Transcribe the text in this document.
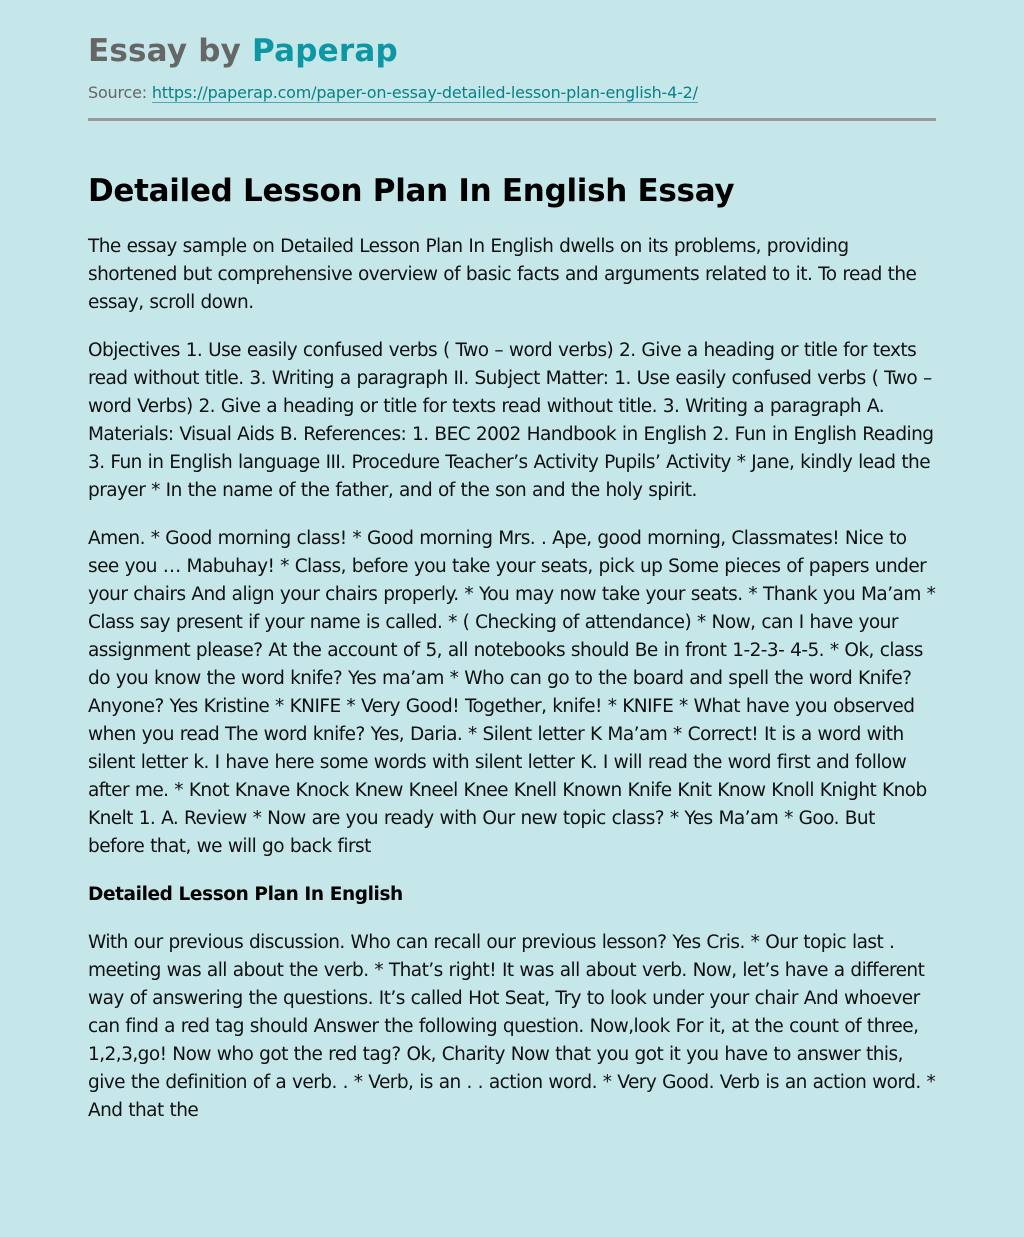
Essay by Paperap
Source: https://paperap.com/paper-on-essay-detailed-lesson-plan-english-4-2/
Detailed Lesson Plan In English Essay

The essay sample on Detailed Lesson Plan In English dwells on its problems, providing shortened but comprehensive overview of basic facts and arguments related to it. To read the essay, scroll down.

Objectives 1. Use easily confused verbs ( Two – word verbs) 2. Give a heading or title for texts read without title. 3. Writing a paragraph II. Subject Matter: 1. Use easily confused verbs ( Two – word Verbs) 2. Give a heading or title for texts read without title. 3. Writing a paragraph A. Materials: Visual Aids B. References: 1. BEC 2002 Handbook in English 2. Fun in English Reading 3. Fun in English language III. Procedure Teacher’s Activity Pupils’ Activity * Jane, kindly lead the prayer * In the name of the father, and of the son and the holy spirit.

Amen. * Good morning class! * Good morning Mrs. . Ape, good morning, Classmates! Nice to see you … Mabuhay! * Class, before you take your seats, pick up Some pieces of papers under your chairs And align your chairs properly. * You may now take your seats. * Thank you Ma’am * Class say present if your name is called. * ( Checking of attendance) * Now, can I have your assignment please? At the account of 5, all notebooks should Be in front 1-2-3- 4-5. * Ok, class do you know the word knife? Yes ma’am * Who can go to the board and spell the word Knife? Anyone? Yes Kristine * KNIFE * Very Good! Together, knife! * KNIFE * What have you observed when you read The word knife? Yes, Daria. * Silent letter K Ma’am * Correct! It is a word with silent letter k. I have here some words with silent letter K. I will read the word first and follow after me. * Knot Knave Knock Knew Kneel Knee Knell Known Knife Knit Know Knoll Knight Knob Knelt 1. A. Review * Now are you ready with Our new topic class? * Yes Ma’am * Goo. But before that, we will go back first

Detailed Lesson Plan In English

With our previous discussion. Who can recall our previous lesson? Yes Cris. * Our topic last . meeting was all about the verb. * That’s right! It was all about verb. Now, let’s have a different way of answering the questions. It’s called Hot Seat, Try to look under your chair And whoever can find a red tag should Answer the following question. Now,look For it, at the count of three, 1,2,3,go! Now who got the red tag? Ok, Charity Now that you got it you have to answer this, give the definition of a verb. . * Verb, is an . . action word. * Very Good. Verb is an action word. * And that the
